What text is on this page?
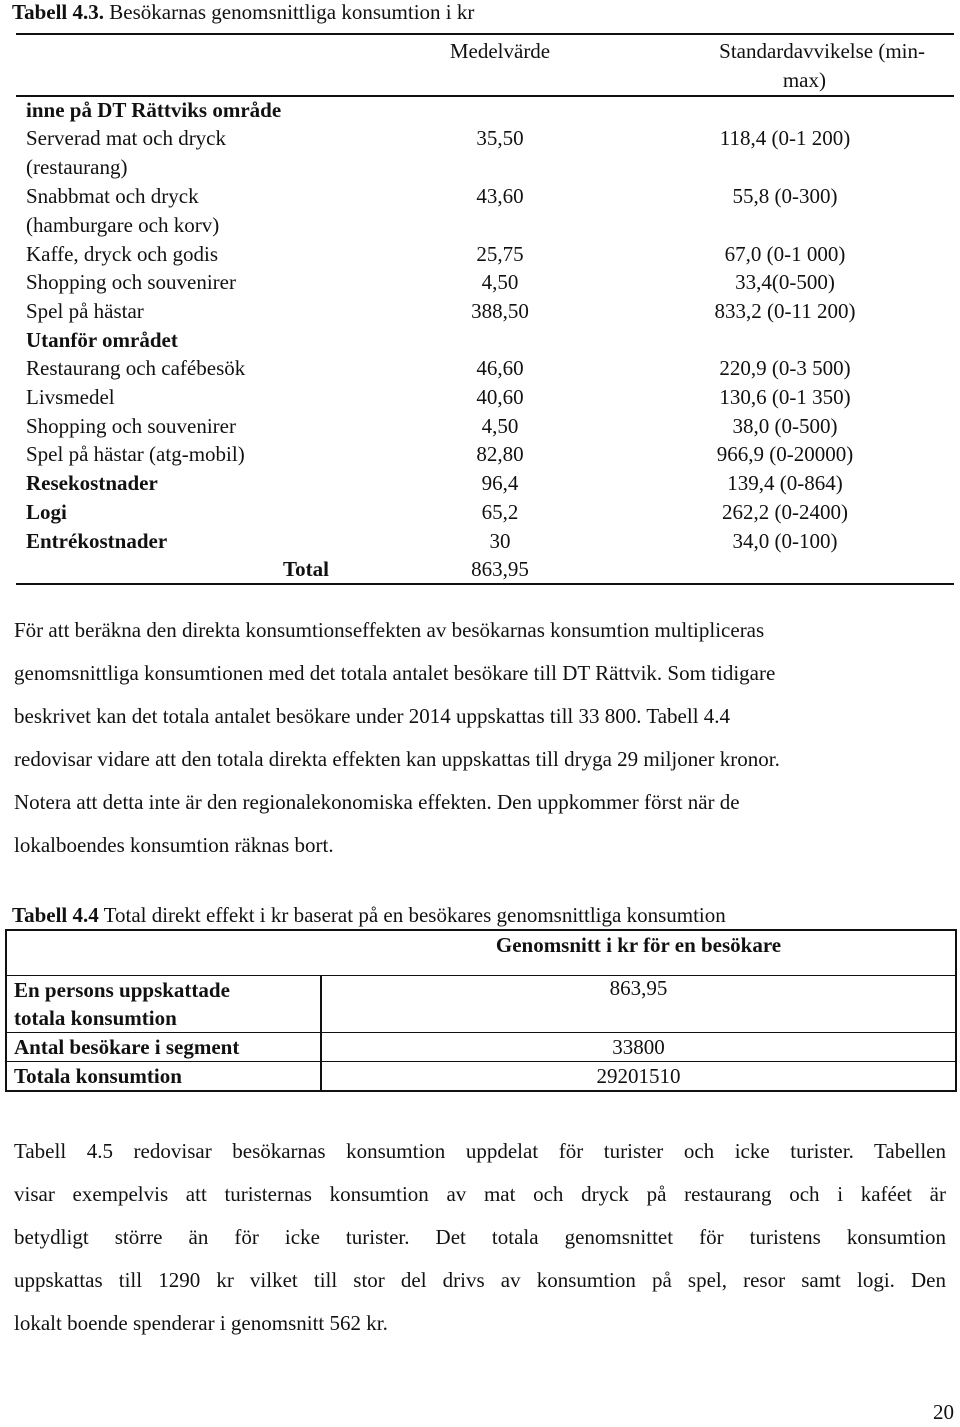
Tabell 4.3. Besökarnas genomsnittliga konsumtion i kr
Medelvärde	Standardavvikelse (min-
max)
inne på DT Rättviks område
Serverad mat och dryck
(restaurang)
35,50	118,4 (0-1 200)
Snabbmat och dryck
(hamburgare och korv)
43,60	55,8 (0-300)
Kaffe, dryck och godis	25,75	67,0 (0-1 000)
Shopping och souvenirer	4,50	33,4(0-500)
Spel på hästar	388,50	833,2 (0-11 200)
Utanför området
Restaurang och cafébesök	46,60	220,9 (0-3 500)
Livsmedel	40,60	130,6 (0-1 350)
Shopping och souvenirer	4,50	38,0 (0-500)
Spel på hästar (atg-mobil)	82,80	966,9 (0-20000)
Resekostnader	96,4	139,4 (0-864)
Logi	65,2	262,2 (0-2400)
Entrékostnader	30	34,0 (0-100)
Total	863,95
För att beräkna den direkta konsumtionseffekten av besökarnas konsumtion multipliceras
genomsnittliga konsumtionen med det totala antalet besökare till DT Rättvik. Som tidigare
beskrivet kan det totala antalet besökare under 2014 uppskattas till 33 800. Tabell 4.4
redovisar vidare att den totala direkta effekten kan uppskattas till dryga 29 miljoner kronor.
Notera att detta inte är den regionalekonomiska effekten. Den uppkommer först när de
lokalboendes konsumtion räknas bort.
Tabell 4.4 Total direkt effekt i kr baserat på en besökares genomsnittliga konsumtion
Genomsnitt i kr för en besökare
En persons uppskattade
totala konsumtion
863,95
Antal besökare i segment	33800
Totala konsumtion	29201510
Tabell 4.5 redovisar besökarnas konsumtion uppdelat för turister och icke turister. Tabellen
visar exempelvis att turisternas konsumtion av mat och dryck på restaurang och i kaféet är
betydligt större än för icke turister. Det totala genomsnittet för turistens konsumtion
uppskattas till 1290 kr vilket till stor del drivs av konsumtion på spel, resor samt logi. Den
lokalt boende spenderar i genomsnitt 562 kr.
20
